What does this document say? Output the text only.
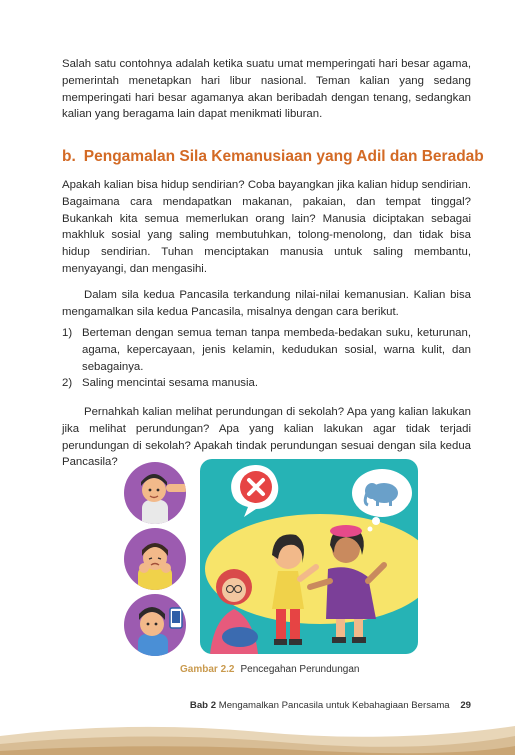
Salah satu contohnya adalah ketika suatu umat memperingati hari besar agama, pemerintah menetapkan hari libur nasional. Teman kalian yang sedang memperingati hari besar agamanya akan beribadah dengan tenang, sedangkan kalian yang beragama lain dapat menikmati liburan.

b. Pengamalan Sila Kemanusiaan yang Adil dan Beradab

Apakah kalian bisa hidup sendirian? Coba bayangkan jika kalian hidup sendirian. Bagaimana cara mendapatkan makanan, pakaian, dan tempat tinggal? Bukankah kita semua memerlukan orang lain? Manusia diciptakan sebagai makhluk sosial yang saling membutuhkan, tolong-menolong, dan tidak bisa hidup sendirian. Tuhan menciptakan manusia untuk saling membantu, menyayangi, dan mengasihi.

Dalam sila kedua Pancasila terkandung nilai-nilai kemanusian. Kalian bisa mengamalkan sila kedua Pancasila, misalnya dengan cara berikut.

1) Berteman dengan semua teman tanpa membeda-bedakan suku, keturunan, agama, kepercayaan, jenis kelamin, kedudukan sosial, warna kulit, dan sebagainya.
2) Saling mencintai sesama manusia.

Pernahkah kalian melihat perundungan di sekolah? Apa yang kalian lakukan jika melihat perundungan? Apa yang kalian lakukan agar tidak terjadi perundungan di sekolah? Apakah tindak perundungan sesuai dengan sila kedua Pancasila?

Gambar 2.2 Pencegahan Perundungan
Bab 2 Mengamalkan Pancasila untuk Kebahagiaan Bersama 29
